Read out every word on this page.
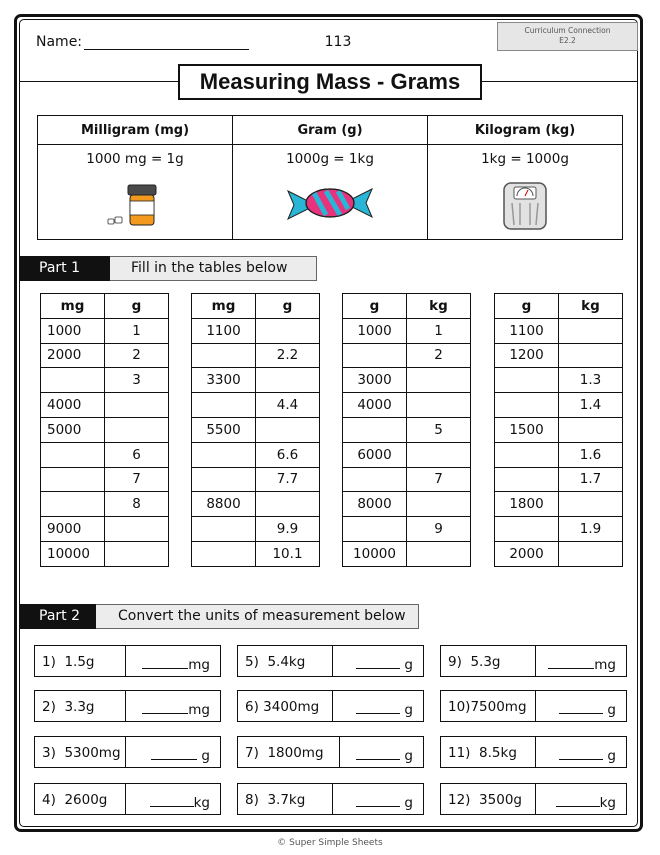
Name:	113
Curriculum Connection
E2.2
Measuring Mass - Grams
Milligram (mg)	Gram (g)	Kilogram (kg)

1000 mg = 1g	1000g = 1kg	1kg = 1000g
Part 1	Fill in the tables below
mg	g
1000	1
2000	2
	3
4000	
5000	
	6
	7
	8
9000	
10000	
mg	g
1100	
	2.2
3300	
	4.4
5500	
	6.6
	7.7
8800	
	9.9
	10.1
g	kg
1000	1
	2
3000	
4000	
	5
6000	
	7
8000	
	9
10000	
g	kg
1100	
1200	
	1.3
	1.4
1500	
	1.6
	1.7
1800	
	1.9
2000	
Part 2	Convert the units of measurement below
1) 1.5g	mg
2) 3.3g	mg
3) 5300mg	g
4) 2600g	kg
5) 5.4kg	g
6) 3400mg	g
7) 1800mg	g
8) 3.7kg	g
9) 5.3g	mg
10)7500mg	g
11) 8.5kg	g
12) 3500g	kg
© Super Simple Sheets
